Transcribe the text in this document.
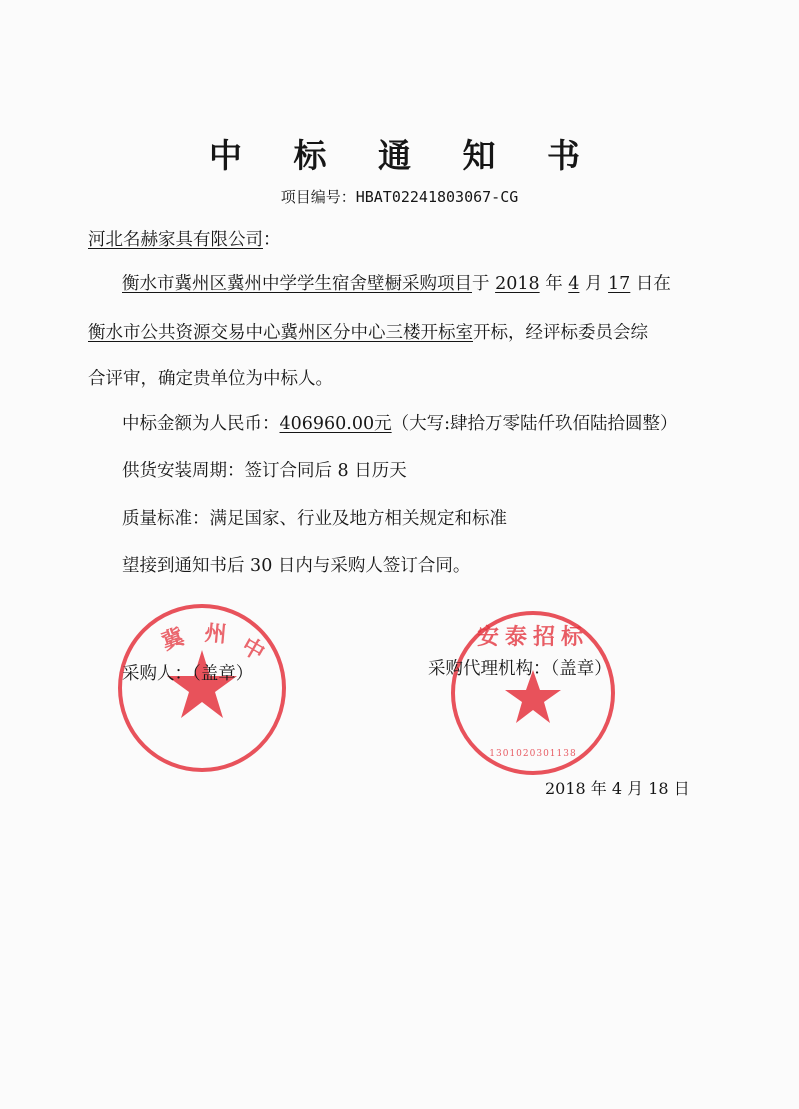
中 标 通 知 书
项目编号：HBAT02241803067-CG
河北名赫家具有限公司：
衡水市冀州区冀州中学学生宿舍壁橱采购项目于 2018 年 4 月 17 日在
衡水市公共资源交易中心冀州区分中心三楼开标室开标，经评标委员会综
合评审，确定贵单位为中标人。
中标金额为人民币：406960.00元（大写:肆拾万零陆仟玖佰陆拾圆整）
供货安装周期：签订合同后 8 日历天
质量标准：满足国家、行业及地方相关规定和标准
望接到通知书后 30 日内与采购人签订合同。
冀 州 中	安泰招标
1301020301138
采购人：（盖章）	采购代理机构：（盖章）
2018 年 4 月 18 日
